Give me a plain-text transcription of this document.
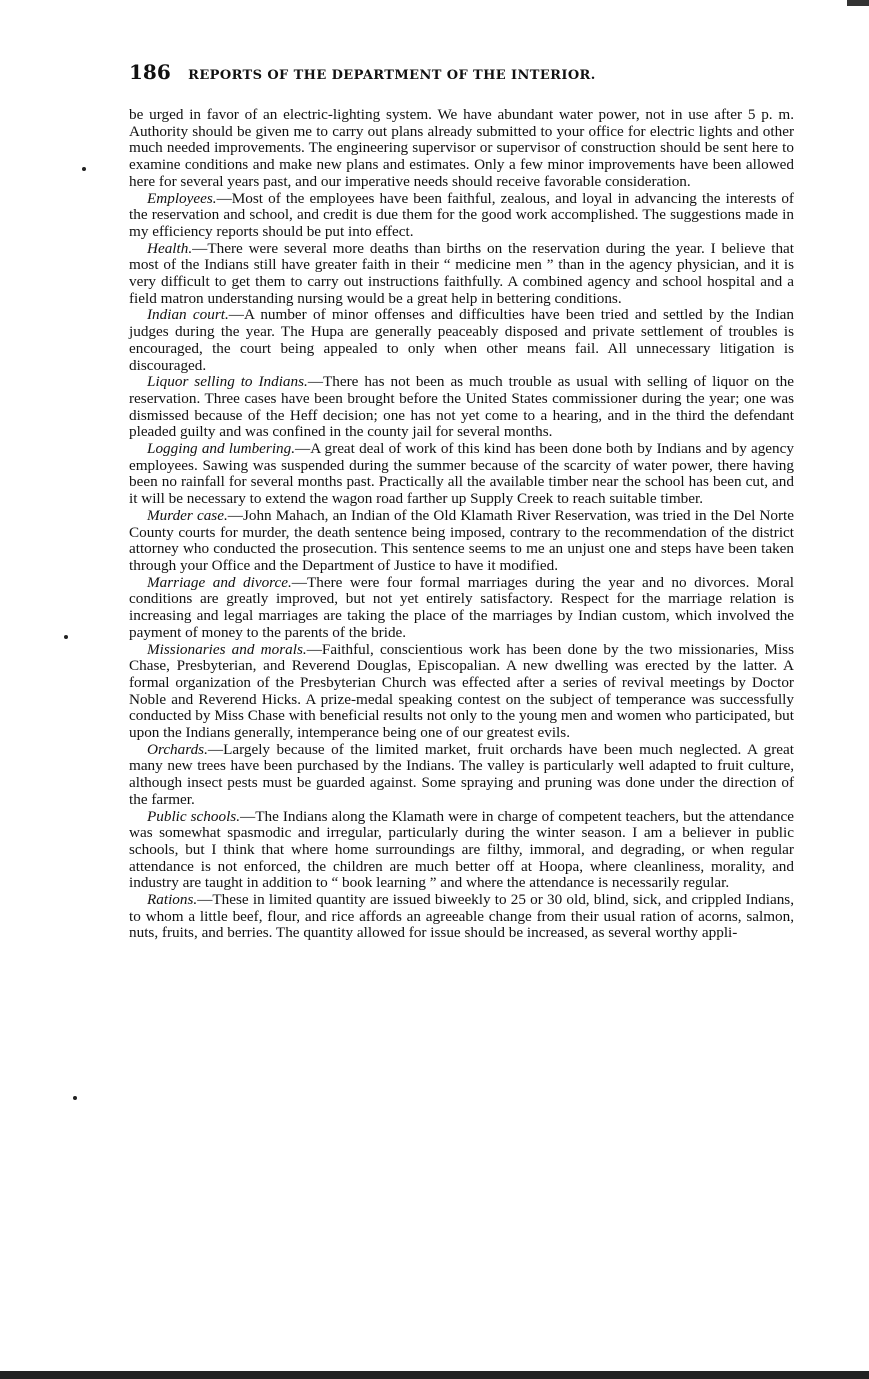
186 REPORTS OF THE DEPARTMENT OF THE INTERIOR.

be urged in favor of an electric-lighting system. We have abundant water power, not in use after 5 p. m. Authority should be given me to carry out plans already submitted to your office for electric lights and other much needed improvements. The engineering supervisor or supervisor of construction should be sent here to examine conditions and make new plans and estimates. Only a few minor improvements have been allowed here for several years past, and our imperative needs should receive favorable consideration.

Employees.—Most of the employees have been faithful, zealous, and loyal in advancing the interests of the reservation and school, and credit is due them for the good work accomplished. The suggestions made in my efficiency reports should be put into effect.

Health.—There were several more deaths than births on the reservation during the year. I believe that most of the Indians still have greater faith in their “ medicine men ” than in the agency physician, and it is very difficult to get them to carry out instructions faithfully. A combined agency and school hospital and a field matron understanding nursing would be a great help in bettering conditions.

Indian court.—A number of minor offenses and difficulties have been tried and settled by the Indian judges during the year. The Hupa are generally peaceably disposed and private settlement of troubles is encouraged, the court being appealed to only when other means fail. All unnecessary litigation is discouraged.

Liquor selling to Indians.—There has not been as much trouble as usual with selling of liquor on the reservation. Three cases have been brought before the United States commissioner during the year; one was dismissed because of the Heff decision; one has not yet come to a hearing, and in the third the defendant pleaded guilty and was confined in the county jail for several months.

Logging and lumbering.—A great deal of work of this kind has been done both by Indians and by agency employees. Sawing was suspended during the summer because of the scarcity of water power, there having been no rainfall for several months past. Practically all the available timber near the school has been cut, and it will be necessary to extend the wagon road farther up Supply Creek to reach suitable timber.

Murder case.—John Mahach, an Indian of the Old Klamath River Reservation, was tried in the Del Norte County courts for murder, the death sentence being imposed, contrary to the recommendation of the district attorney who conducted the prosecution. This sentence seems to me an unjust one and steps have been taken through your Office and the Department of Justice to have it modified.

Marriage and divorce.—There were four formal marriages during the year and no divorces. Moral conditions are greatly improved, but not yet entirely satisfactory. Respect for the marriage relation is increasing and legal marriages are taking the place of the marriages by Indian custom, which involved the payment of money to the parents of the bride.

Missionaries and morals.—Faithful, conscientious work has been done by the two missionaries, Miss Chase, Presbyterian, and Reverend Douglas, Episcopalian. A new dwelling was erected by the latter. A formal organization of the Presbyterian Church was effected after a series of revival meetings by Doctor Noble and Reverend Hicks. A prize-medal speaking contest on the subject of temperance was successfully conducted by Miss Chase with beneficial results not only to the young men and women who participated, but upon the Indians generally, intemperance being one of our greatest evils.

Orchards.—Largely because of the limited market, fruit orchards have been much neglected. A great many new trees have been purchased by the Indians. The valley is particularly well adapted to fruit culture, although insect pests must be guarded against. Some spraying and pruning was done under the direction of the farmer.

Public schools.—The Indians along the Klamath were in charge of competent teachers, but the attendance was somewhat spasmodic and irregular, particularly during the winter season. I am a believer in public schools, but I think that where home surroundings are filthy, immoral, and degrading, or when regular attendance is not enforced, the children are much better off at Hoopa, where cleanliness, morality, and industry are taught in addition to “ book learning ” and where the attendance is necessarily regular.

Rations.—These in limited quantity are issued biweekly to 25 or 30 old, blind, sick, and crippled Indians, to whom a little beef, flour, and rice affords an agreeable change from their usual ration of acorns, salmon, nuts, fruits, and berries. The quantity allowed for issue should be increased, as several worthy appli-
